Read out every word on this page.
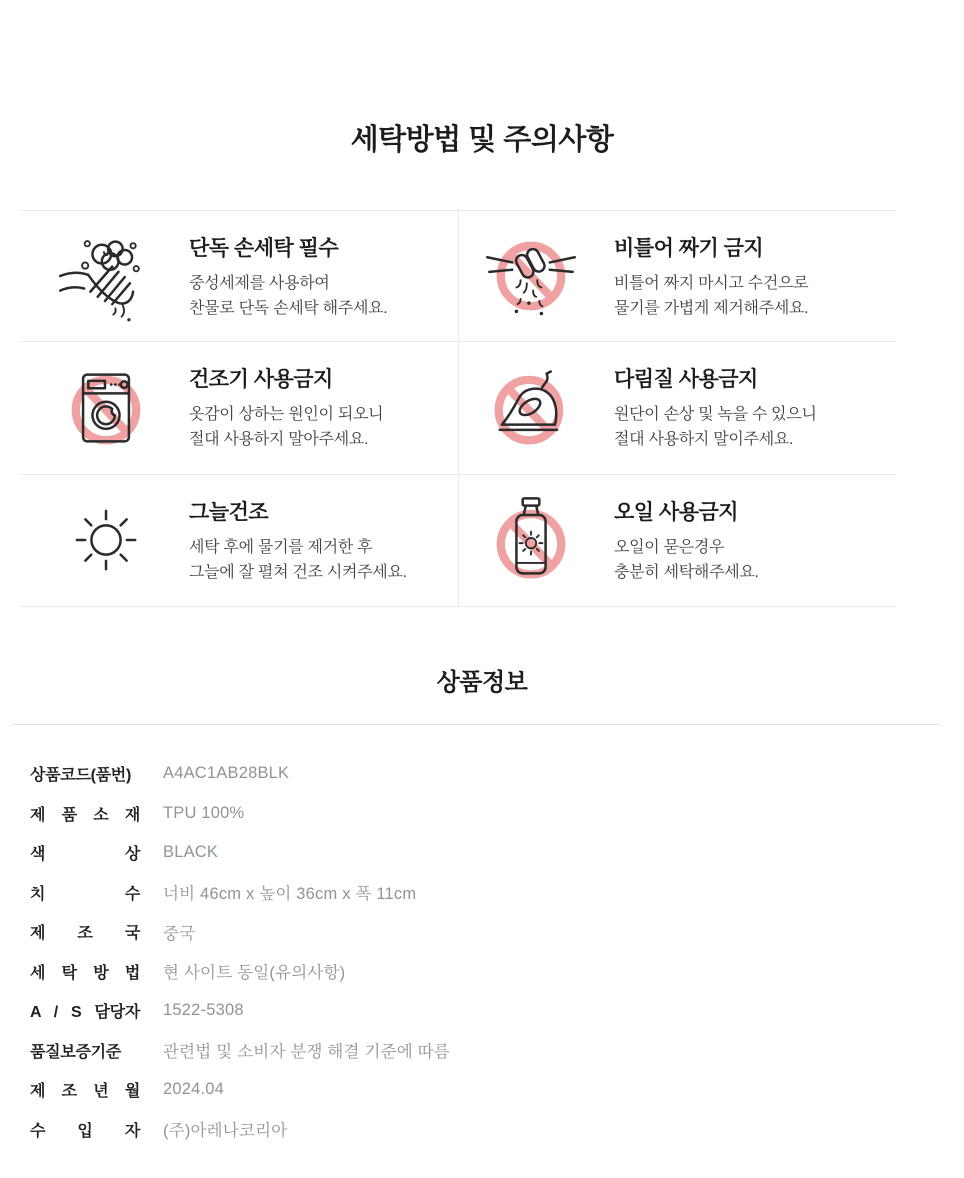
세탁방법 및 주의사항
단독 손세탁 필수
중성세제를 사용하여
찬물로 단독 손세탁 해주세요.
비틀어 짜기 금지
비틀어 짜지 마시고 수건으로
물기를 가볍게 제거해주세요.
건조기 사용금지
옷감이 상하는 원인이 되오니
절대 사용하지 말아주세요.
다림질 사용금지
원단이 손상 및 녹을 수 있으니
절대 사용하지 말이주세요.
그늘건조
세탁 후에 물기를 제거한 후
그늘에 잘 펼쳐 건조 시켜주세요.
오일 사용금지
오일이 묻은경우
충분히 세탁해주세요.
상품정보
상품코드(품번)	A4AC1AB28BLK
제 품 소 재 TPU 100%
색 상 BLACK
치 수 너비 46cm x 높이 36cm x 폭 11cm
제 조 국 중국
세 탁 방 법 현 사이트 동일(유의사항)
A / S 담당자 1522-5308
품질보증기준	관련법 및 소비자 분쟁 해결 기준에 따름
제 조 년 월 2024.04
수 입 자 (주)아레나코리아
